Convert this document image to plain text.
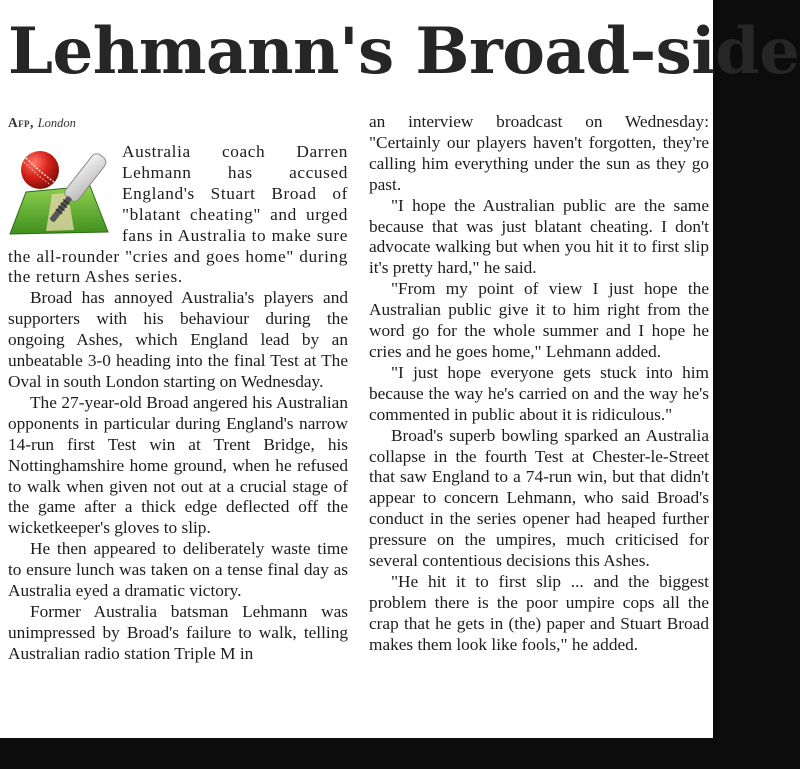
Lehmann's Broad-side
Afp, London

Australia coach Darren Lehmann has accused England's Stuart Broad of "blatant cheating" and urged fans in Australia to make sure the all-rounder "cries and goes home" during the return Ashes series.

Broad has annoyed Australia's players and supporters with his behaviour during the ongoing Ashes, which England lead by an unbeatable 3-0 heading into the final Test at The Oval in south London starting on Wednesday.

The 27-year-old Broad angered his Australian opponents in particular during England's narrow 14-run first Test win at Trent Bridge, his Nottinghamshire home ground, when he refused to walk when given not out at a crucial stage of the game after a thick edge deflected off the wicketkeeper's gloves to slip.

He then appeared to deliberately waste time to ensure lunch was taken on a tense final day as Australia eyed a dramatic victory.

Former Australia batsman Lehmann was unimpressed by Broad's failure to walk, telling Australian radio station Triple M in

an interview broadcast on Wednesday: "Certainly our players haven't forgotten, they're calling him everything under the sun as they go past.

"I hope the Australian public are the same because that was just blatant cheating. I don't advocate walking but when you hit it to first slip it's pretty hard," he said.

"From my point of view I just hope the Australian public give it to him right from the word go for the whole summer and I hope he cries and he goes home," Lehmann added.

"I just hope everyone gets stuck into him because the way he's carried on and the way he's commented in public about it is ridiculous."

Broad's superb bowling sparked an Australia collapse in the fourth Test at Chester-le-Street that saw England to a 74-run win, but that didn't appear to concern Lehmann, who said Broad's conduct in the series opener had heaped further pressure on the umpires, much criticised for several contentious decisions this Ashes.

"He hit it to first slip ... and the biggest problem there is the poor umpire cops all the crap that he gets in (the) paper and Stuart Broad makes them look like fools," he added.
